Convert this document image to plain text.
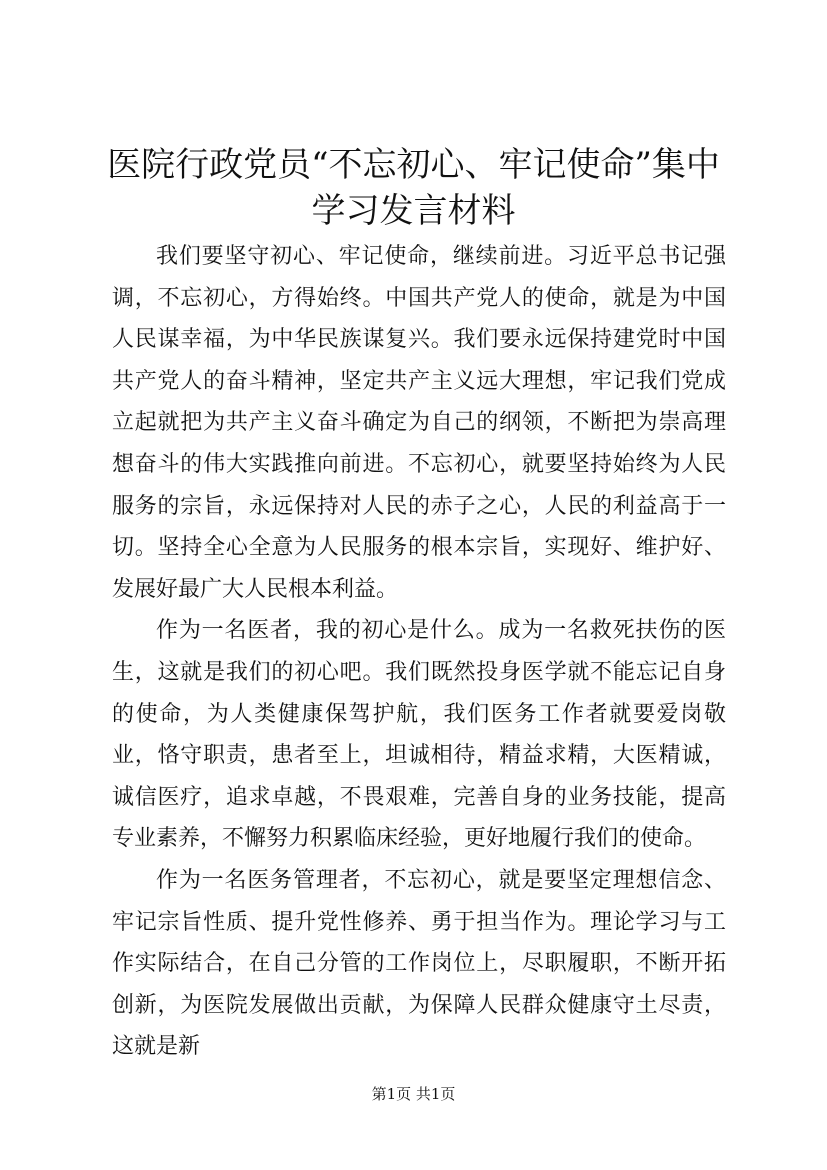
医院行政党员“不忘初心、牢记使命”集中学习发言材料

我们要坚守初心、牢记使命，继续前进。习近平总书记强调，不忘初心，方得始终。中国共产党人的使命，就是为中国人民谋幸福，为中华民族谋复兴。我们要永远保持建党时中国共产党人的奋斗精神，坚定共产主义远大理想，牢记我们党成立起就把为共产主义奋斗确定为自己的纲领，不断把为崇高理想奋斗的伟大实践推向前进。不忘初心，就要坚持始终为人民服务的宗旨，永远保持对人民的赤子之心，人民的利益高于一切。坚持全心全意为人民服务的根本宗旨，实现好、维护好、发展好最广大人民根本利益。

作为一名医者，我的初心是什么。成为一名救死扶伤的医生，这就是我们的初心吧。我们既然投身医学就不能忘记自身的使命，为人类健康保驾护航，我们医务工作者就要爱岗敬业，恪守职责，患者至上，坦诚相待，精益求精，大医精诚，诚信医疗，追求卓越，不畏艰难，完善自身的业务技能，提高专业素养，不懈努力积累临床经验，更好地履行我们的使命。

作为一名医务管理者，不忘初心，就是要坚定理想信念、牢记宗旨性质、提升党性修养、勇于担当作为。理论学习与工作实际结合，在自己分管的工作岗位上，尽职履职，不断开拓创新，为医院发展做出贡献，为保障人民群众健康守土尽责，这就是新

第1页 共1页
